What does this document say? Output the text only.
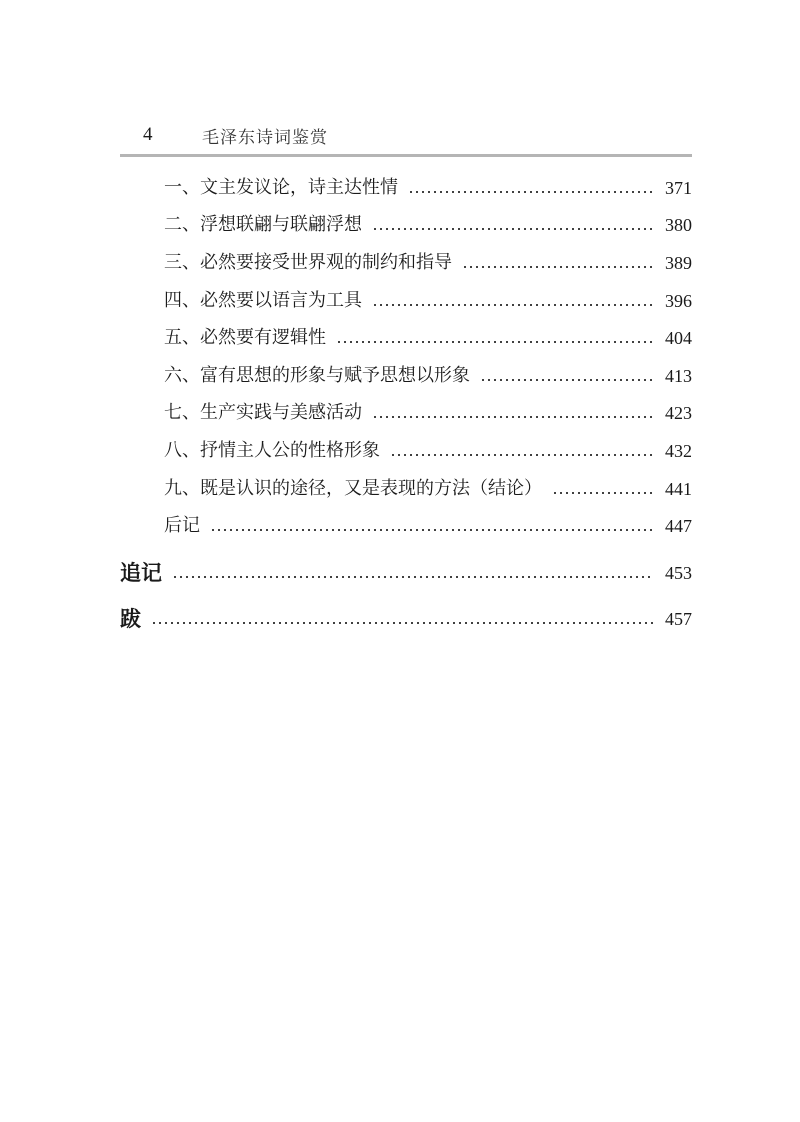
4	毛泽东诗词鉴赏
一、文主发议论，诗主达性情	371
二、浮想联翩与联翩浮想	380
三、必然要接受世界观的制约和指导	389
四、必然要以语言为工具	396
五、必然要有逻辑性	404
六、富有思想的形象与赋予思想以形象	413
七、生产实践与美感活动	423
八、抒情主人公的性格形象	432
九、既是认识的途径，又是表现的方法（结论）	441
后记	447
追记	453
跋	457
